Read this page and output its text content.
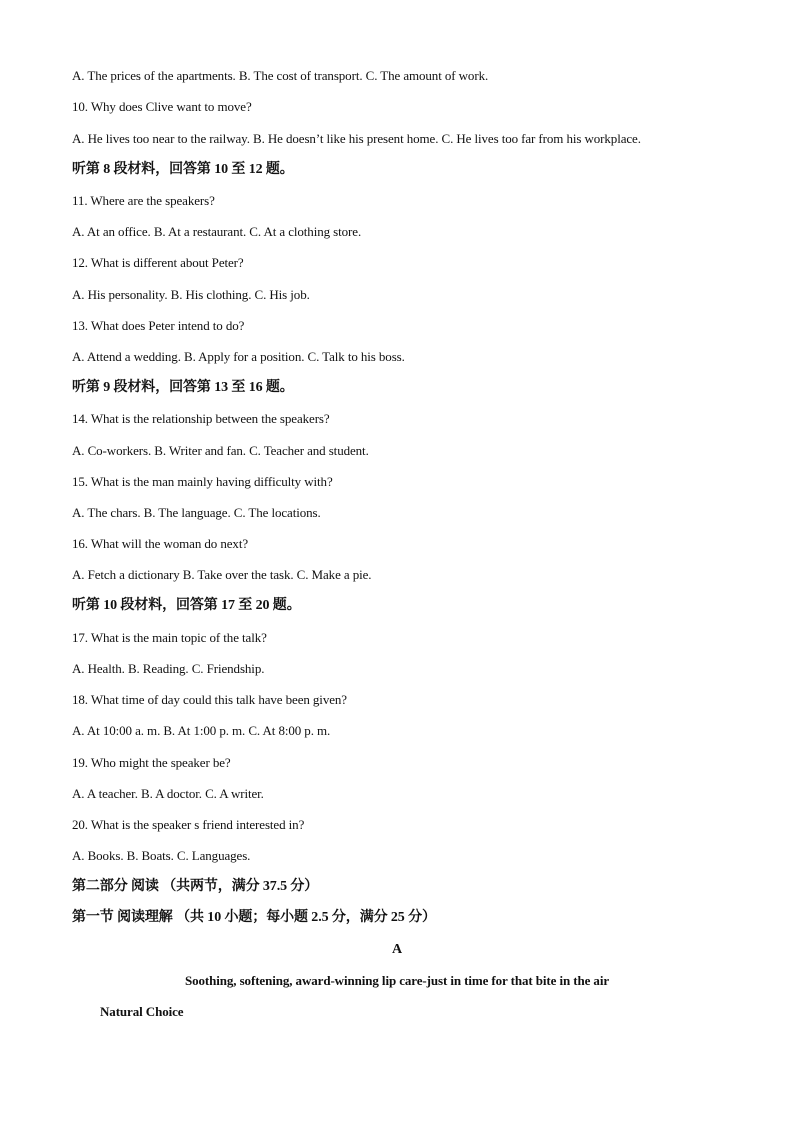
A. The prices of the apartments. B. The cost of transport. C. The amount of work.
10. Why does Clive want to move?
A. He lives too near to the railway. B. He doesn’t like his present home. C. He lives too far from his workplace.
听第 8 段材料，回答第 10 至 12 题。
11. Where are the speakers?
A. At an office. B. At a restaurant. C. At a clothing store.
12. What is different about Peter?
A. His personality. B. His clothing. C. His job.
13. What does Peter intend to do?
A. Attend a wedding. B. Apply for a position. C. Talk to his boss.
听第 9 段材料，回答第 13 至 16 题。
14. What is the relationship between the speakers?
A. Co-workers. B. Writer and fan. C. Teacher and student.
15. What is the man mainly having difficulty with?
A. The chars. B. The language. C. The locations.
16. What will the woman do next?
A. Fetch a dictionary B. Take over the task. C. Make a pie.
听第 10 段材料，回答第 17 至 20 题。
17. What is the main topic of the talk?
A. Health. B. Reading. C. Friendship.
18. What time of day could this talk have been given?
A. At 10:00 a. m. B. At 1:00 p. m. C. At 8:00 p. m.
19. Who might the speaker be?
A. A teacher. B. A doctor. C. A writer.
20. What is the speaker s friend interested in?
A. Books. B. Boats. C. Languages.
第二部分 阅读 （共两节，满分 37.5 分）
第一节 阅读理解 （共 10 小题；每小题 2.5 分，满分 25 分）
A
Soothing, softening, award-winning lip care-just in time for that bite in the air
Natural Choice
